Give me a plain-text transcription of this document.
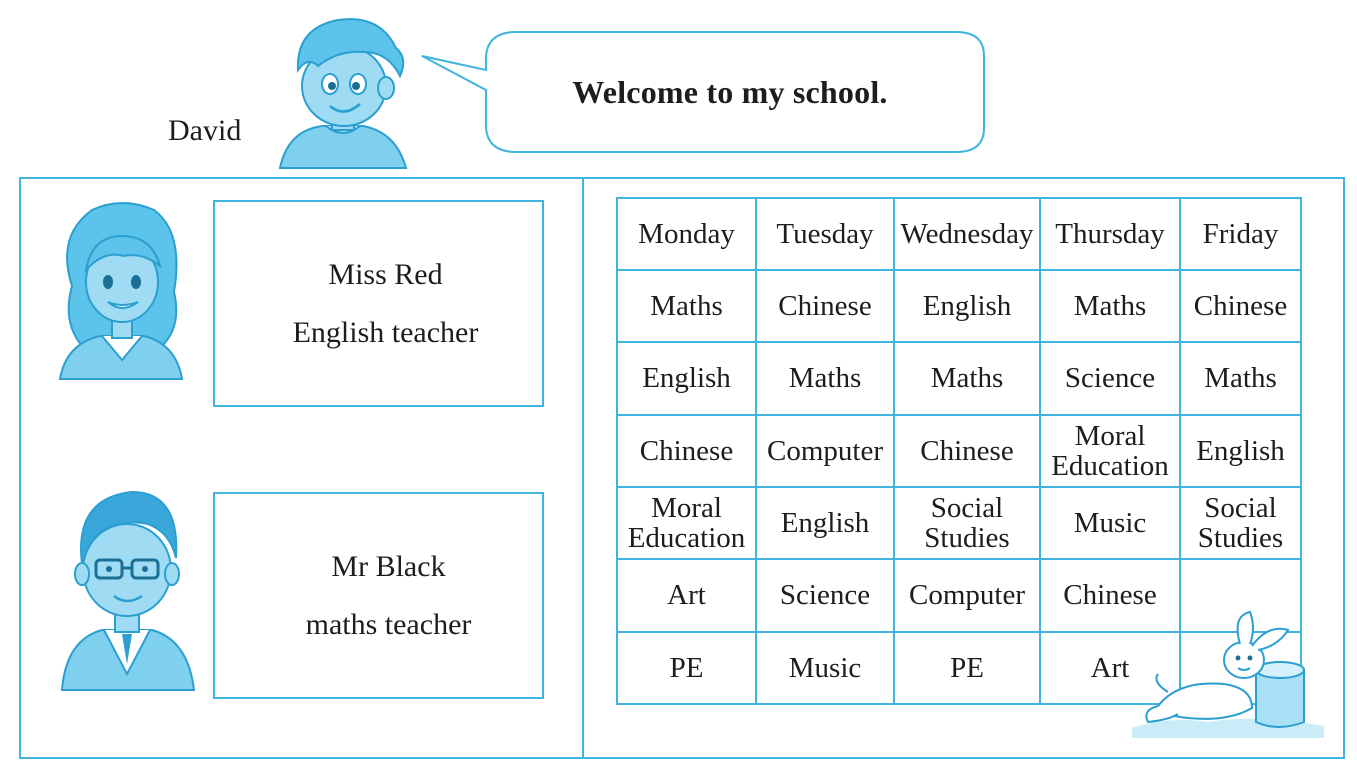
David
Welcome to my school.
Miss Red
English teacher
Mr Black
maths teacher
Monday	Tuesday	Wednesday	Thursday	Friday
Maths	Chinese	English	Maths	Chinese
English	Maths	Maths	Science	Maths
Chinese	Computer	Chinese	Moral Education	English
Moral Education	English	Social Studies	Music	Social Studies
Art	Science	Computer	Chinese	
PE	Music	PE	Art	
